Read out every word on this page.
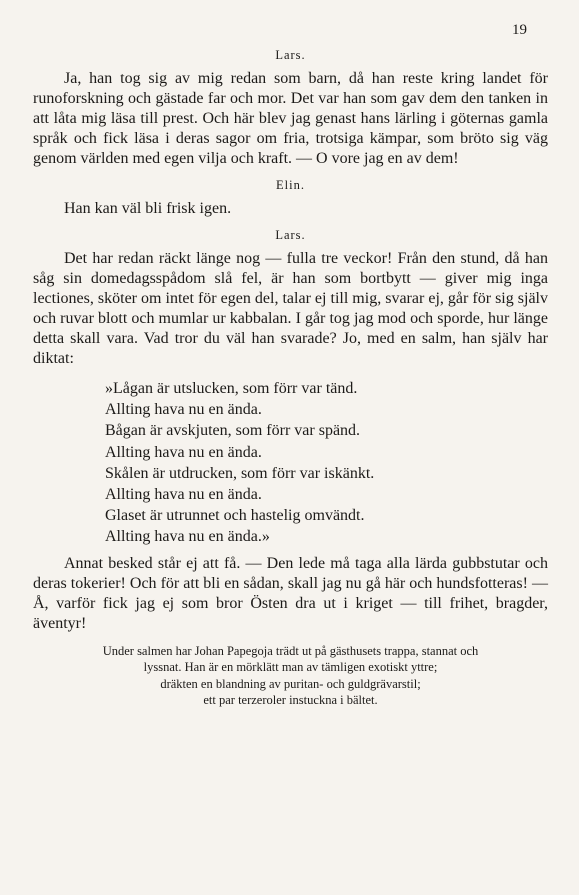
19
Lars.
Ja, han tog sig av mig redan som barn, då han reste kring landet för runoforskning och gästade far och mor. Det var han som gav dem den tanken in att låta mig läsa till prest. Och här blev jag genast hans lärling i göternas gamla språk och fick läsa i deras sagor om fria, trotsiga kämpar, som bröto sig väg genom världen med egen vilja och kraft. — O vore jag en av dem!
Elin.
Han kan väl bli frisk igen.
Lars.
Det har redan räckt länge nog — fulla tre veckor! Från den stund, då han såg sin domedagsspådom slå fel, är han som bortbytt — giver mig inga lectiones, sköter om intet för egen del, talar ej till mig, svarar ej, går för sig själv och ruvar blott och mumlar ur kabbalan. I går tog jag mod och sporde, hur länge detta skall vara. Vad tror du väl han svarade? Jo, med en salm, han själv har diktat:
»Lågan är utslucken, som förr var tänd.
Allting hava nu en ända.
Bågan är avskjuten, som förr var spänd.
Allting hava nu en ända.
Skålen är utdrucken, som förr var iskänkt.
Allting hava nu en ända.
Glaset är utrunnet och hastelig omvändt.
Allting hava nu en ända.»
Annat besked står ej att få. — Den lede må taga alla lärda gubbstutar och deras tokerier! Och för att bli en sådan, skall jag nu gå här och hundsfotteras! — Å, varför fick jag ej som bror Östen dra ut i kriget — till frihet, bragder, äventyr!
Under salmen har Johan Papegoja trädt ut på gästhusets trappa, stannat och
lyssnat. Han är en mörklätt man av tämligen exotiskt yttre;
dräkten en blandning av puritan- och guldgrävarstil;
ett par terzeroler instuckna i bältet.
